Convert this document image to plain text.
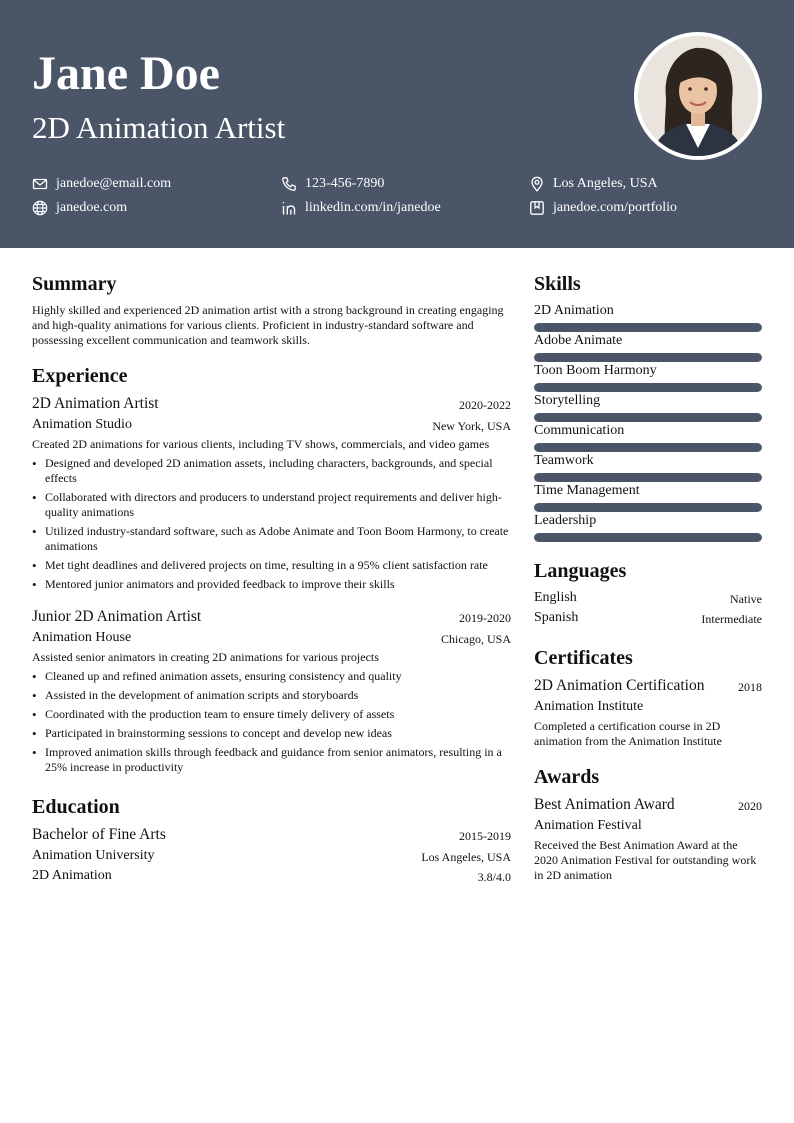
Jane Doe
2D Animation Artist
janedoe@email.com	123-456-7890	Los Angeles, USA
janedoe.com	linkedin.com/in/janedoe	janedoe.com/portfolio
Summary
Highly skilled and experienced 2D animation artist with a strong background in creating engaging and high-quality animations for various clients. Proficient in industry-standard software and possessing excellent communication and teamwork skills.
Experience
2D Animation Artist	2020-2022
Animation Studio	New York, USA
Created 2D animations for various clients, including TV shows, commercials, and video games
• Designed and developed 2D animation assets, including characters, backgrounds, and special effects
• Collaborated with directors and producers to understand project requirements and deliver high-quality animations
• Utilized industry-standard software, such as Adobe Animate and Toon Boom Harmony, to create animations
• Met tight deadlines and delivered projects on time, resulting in a 95% client satisfaction rate
• Mentored junior animators and provided feedback to improve their skills
Junior 2D Animation Artist	2019-2020
Animation House	Chicago, USA
Assisted senior animators in creating 2D animations for various projects
• Cleaned up and refined animation assets, ensuring consistency and quality
• Assisted in the development of animation scripts and storyboards
• Coordinated with the production team to ensure timely delivery of assets
• Participated in brainstorming sessions to concept and develop new ideas
• Improved animation skills through feedback and guidance from senior animators, resulting in a 25% increase in productivity
Education
Bachelor of Fine Arts	2015-2019
Animation University	Los Angeles, USA
2D Animation	3.8/4.0
Skills
2D Animation
Adobe Animate
Toon Boom Harmony
Storytelling
Communication
Teamwork
Time Management
Leadership
Languages
English	Native
Spanish	Intermediate
Certificates
2D Animation Certification	2018
Animation Institute
Completed a certification course in 2D animation from the Animation Institute
Awards
Best Animation Award	2020
Animation Festival
Received the Best Animation Award at the 2020 Animation Festival for outstanding work in 2D animation
